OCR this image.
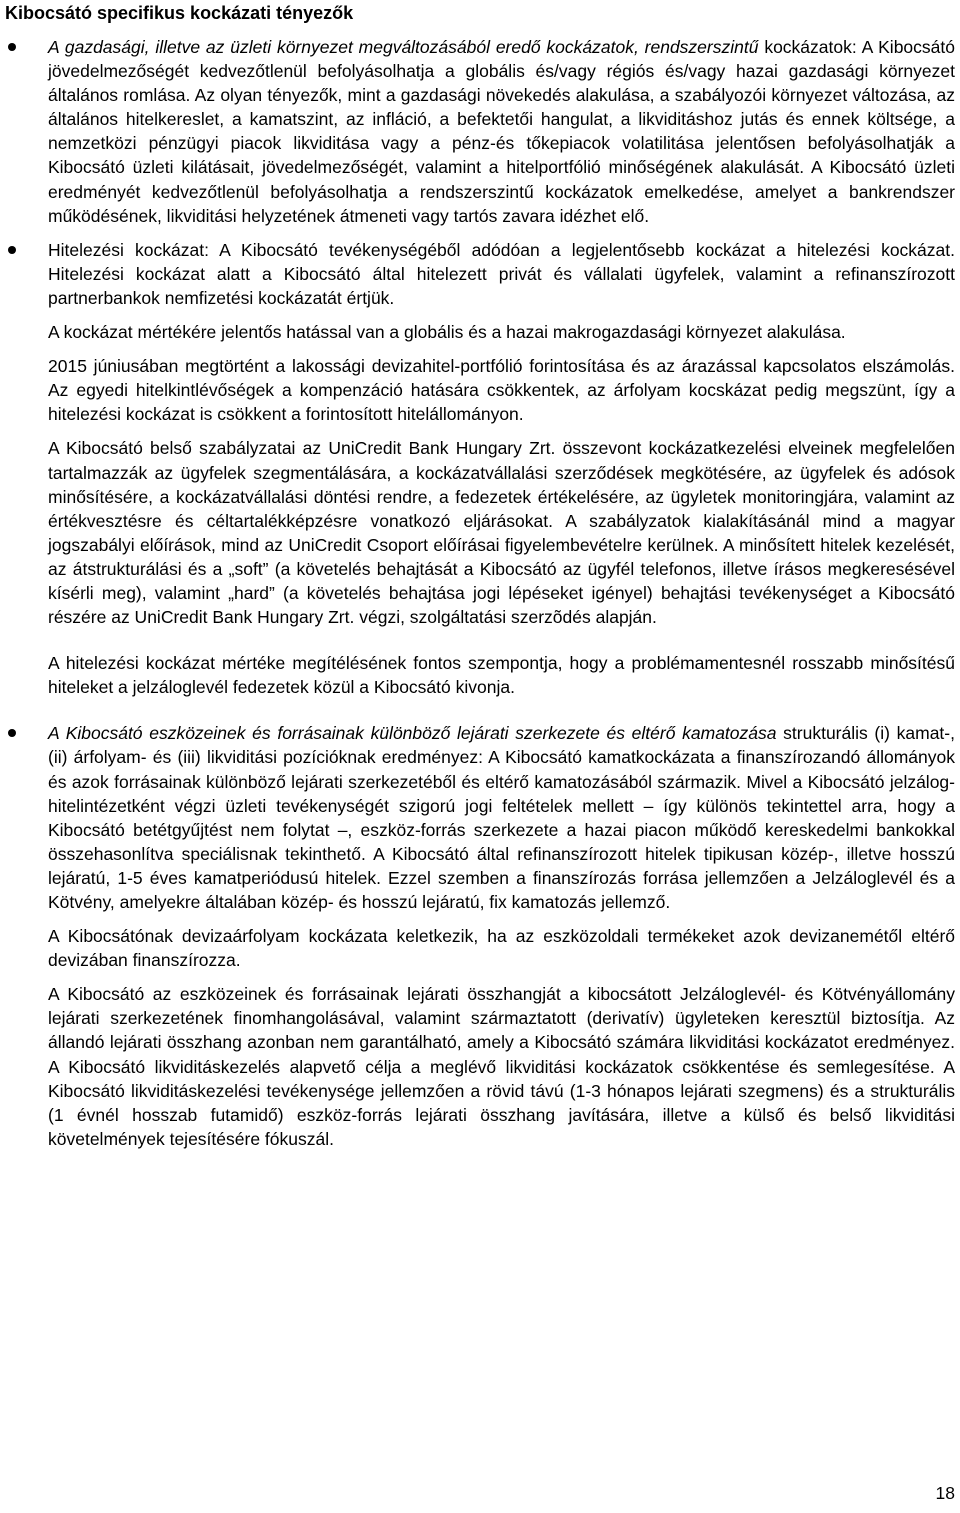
Kibocsátó specifikus kockázati tényezők

A gazdasági, illetve az üzleti környezet megváltozásából eredő kockázatok, rendszerszintű kockázatok: A Kibocsátó jövedelmezőségét kedvezőtlenül befolyásolhatja a globális és/vagy régiós és/vagy hazai gazdasági környezet általános romlása. Az olyan tényezők, mint a gazdasági növekedés alakulása, a szabályozói környezet változása, az általános hitelkereslet, a kamatszint, az infláció, a befektetői hangulat, a likviditáshoz jutás és ennek költsége, a nemzetközi pénzügyi piacok likviditása vagy a pénz-és tőkepiacok volatilitása jelentősen befolyásolhatják a Kibocsátó üzleti kilátásait, jövedelmezőségét, valamint a hitelportfólió minőségének alakulását. A Kibocsátó üzleti eredményét kedvezőtlenül befolyásolhatja a rendszerszintű kockázatok emelkedése, amelyet a bankrendszer működésének, likviditási helyzetének átmeneti vagy tartós zavara idézhet elő.

Hitelezési kockázat: A Kibocsátó tevékenységéből adódóan a legjelentősebb kockázat a hitelezési kockázat. Hitelezési kockázat alatt a Kibocsátó által hitelezett privát és vállalati ügyfelek, valamint a refinanszírozott partnerbankok nemfizetési kockázatát értjük.

A kockázat mértékére jelentős hatással van a globális és a hazai makrogazdasági környezet alakulása.

2015 júniusában megtörtént a lakossági devizahitel-portfólió forintosítása és az árazással kapcsolatos elszámolás. Az egyedi hitelkintlévőségek a kompenzáció hatására csökkentek, az árfolyam kocskázat pedig megszünt, így a hitelezési kockázat is csökkent a forintosított hitelállományon.

A Kibocsátó belső szabályzatai az UniCredit Bank Hungary Zrt. összevont kockázatkezelési elveinek megfelelően tartalmazzák az ügyfelek szegmentálására, a kockázatvállalási szerződések megkötésére, az ügyfelek és adósok minősítésére, a kockázatvállalási döntési rendre, a fedezetek értékelésére, az ügyletek monitoringjára, valamint az értékvesztésre és céltartalékképzésre vonatkozó eljárásokat. A szabályzatok kialakításánál mind a magyar jogszabályi előírások, mind az UniCredit Csoport előírásai figyelembevételre kerülnek. A minősített hitelek kezelését, az átstrukturálási és a „soft” (a követelés behajtását a Kibocsátó az ügyfél telefonos, illetve írásos megkeresésével kísérli meg), valamint „hard” (a követelés behajtása jogi lépéseket igényel) behajtási tevékenységet a Kibocsátó részére az UniCredit Bank Hungary Zrt. végzi, szolgáltatási szerzõdés alapján.

A hitelezési kockázat mértéke megítélésének fontos szempontja, hogy a problémamentesnél rosszabb minősítésű hiteleket a jelzáloglevél fedezetek közül a Kibocsátó kivonja.

A Kibocsátó eszközeinek és forrásainak különböző lejárati szerkezete és eltérő kamatozása strukturális (i) kamat-, (ii) árfolyam- és (iii) likviditási pozícióknak eredményez: A Kibocsátó kamatkockázata a finanszírozandó állományok és azok forrásainak különböző lejárati szerkezetéből és eltérő kamatozásából származik. Mivel a Kibocsátó jelzálog-hitelintézetként végzi üzleti tevékenységét szigorú jogi feltételek mellett – így különös tekintettel arra, hogy a Kibocsátó betétgyűjtést nem folytat –, eszköz-forrás szerkezete a hazai piacon működő kereskedelmi bankokkal összehasonlítva speciálisnak tekinthető. A Kibocsátó által refinanszírozott hitelek tipikusan közép-, illetve hosszú lejáratú, 1-5 éves kamatperiódusú hitelek. Ezzel szemben a finanszírozás forrása jellemzően a Jelzáloglevél és a Kötvény, amelyekre általában közép- és hosszú lejáratú, fix kamatozás jellemző.

A Kibocsátónak devizaárfolyam kockázata keletkezik, ha az eszközoldali termékeket azok devizanemétől eltérő devizában finanszírozza.

A Kibocsátó az eszközeinek és forrásainak lejárati összhangját a kibocsátott Jelzáloglevél- és Kötvényállomány lejárati szerkezetének finomhangolásával, valamint származtatott (derivatív) ügyleteken keresztül biztosítja. Az állandó lejárati összhang azonban nem garantálható, amely a Kibocsátó számára likviditási kockázatot eredményez. A Kibocsátó likviditáskezelés alapvető célja a meglévő likviditási kockázatok csökkentése és semlegesítése. A Kibocsátó likviditáskezelési tevékenysége jellemzően a rövid távú (1-3 hónapos lejárati szegmens) és a strukturális (1 évnél hosszab futamidő) eszköz-forrás lejárati összhang javítására, illetve a külső és belső likviditási követelmények tejesítésére fókuszál.

18
